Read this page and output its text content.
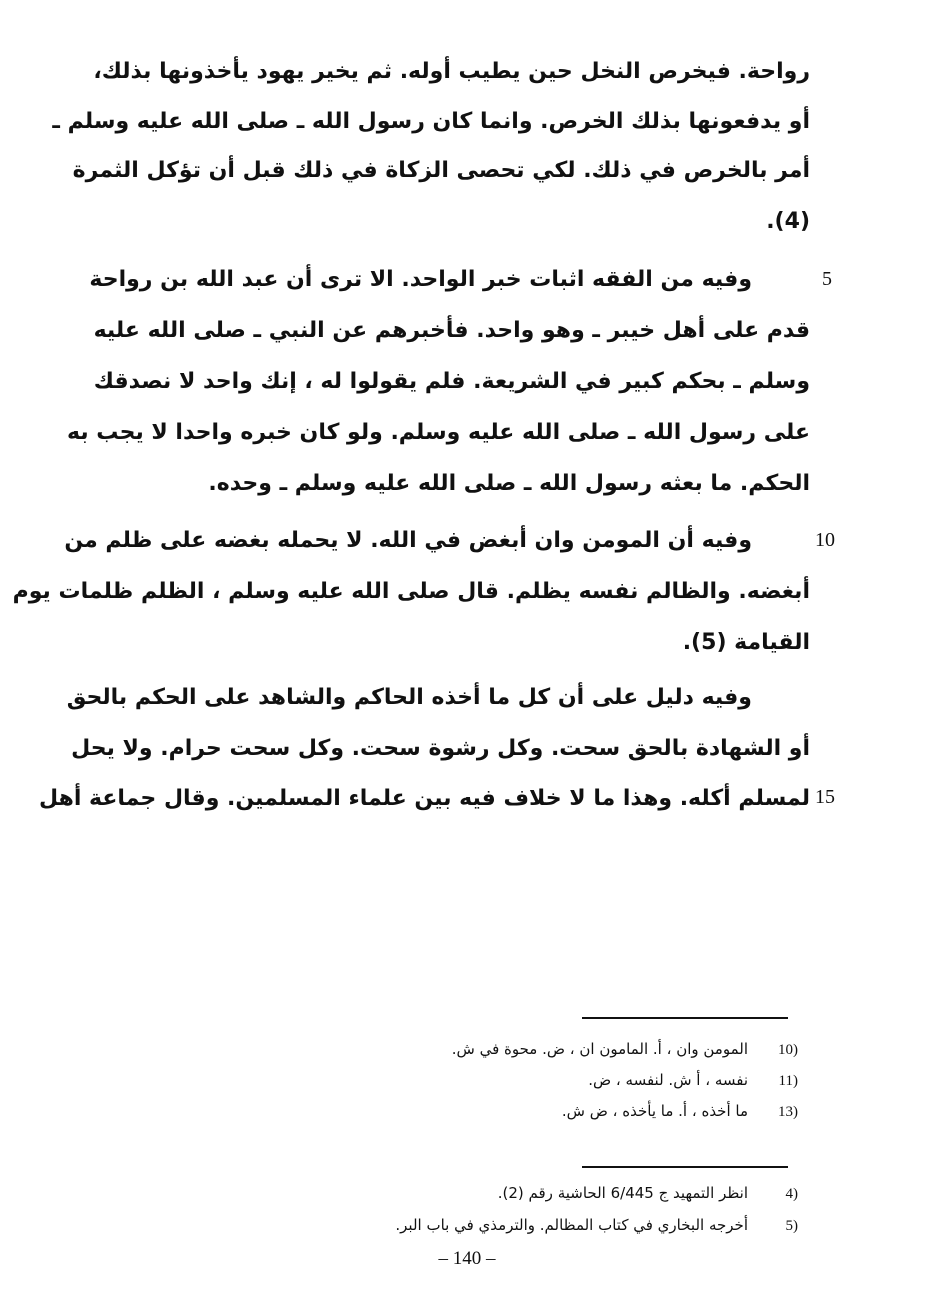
رواحة. فيخرص النخل حين يطيب أوله. ثم يخير يهود يأخذونها بذلك،
أو يدفعونها بذلك الخرص. وانما كان رسول الله ـ صلى الله عليه وسلم ـ
أمر بالخرص في ذلك. لكي تحصى الزكاة في ذلك قبل أن تؤكل الثمرة
(4).
وفيه من الفقه اثبات خبر الواحد. الا ترى أن عبد الله بن رواحة
قدم على أهل خيبر ـ وهو واحد. فأخبرهم عن النبي ـ صلى الله عليه
وسلم ـ بحكم كبير في الشريعة. فلم يقولوا له ، إنك واحد لا نصدقك
على رسول الله ـ صلى الله عليه وسلم. ولو كان خبره واحدا لا يجب به
الحكم. ما بعثه رسول الله ـ صلى الله عليه وسلم ـ وحده.
وفيه أن المومن وان أبغض في الله. لا يحمله بغضه على ظلم من
أبغضه. والظالم نفسه يظلم. قال صلى الله عليه وسلم ، الظلم ظلمات يوم
القيامة (5).
وفيه دليل على أن كل ما أخذه الحاكم والشاهد على الحكم بالحق
أو الشهادة بالحق سحت. وكل رشوة سحت. وكل سحت حرام. ولا يحل
لمسلم أكله. وهذا ما لا خلاف فيه بين علماء المسلمين. وقال جماعة أهل
5
10
15
10)المومن وان ، أ. المامون ان ، ض. محوة في ش.
11)نفسه ، أ ش. لنفسه ، ض.
13)ما أخذه ، أ. ما يأخذه ، ض ش.
4)انظر التمهيد ج 6/445 الحاشية رقم (2).
5)أخرجه البخاري في كتاب المظالم. والترمذي في باب البر.
– 140 –
